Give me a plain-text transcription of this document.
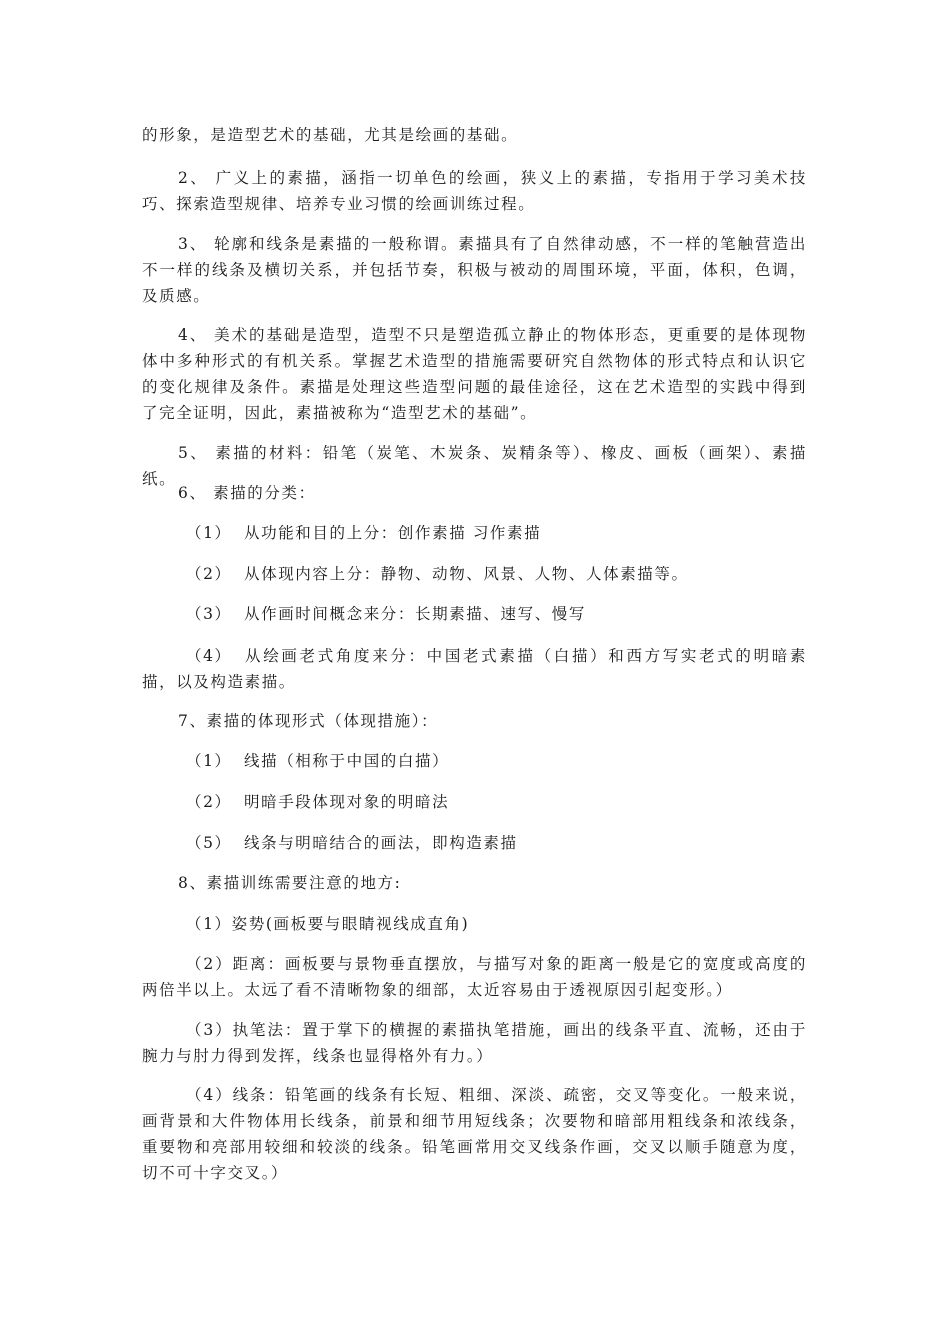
的形象，是造型艺术的基础，尤其是绘画的基础。
2、 广义上的素描，涵指一切单色的绘画，狭义上的素描，专指用于学习美术技巧、探索造型规律、培养专业习惯的绘画训练过程。
3、 轮廓和线条是素描的一般称谓。素描具有了自然律动感，不一样的笔触营造出不一样的线条及横切关系，并包括节奏，积极与被动的周围环境，平面，体积，色调，及质感。
4、 美术的基础是造型，造型不只是塑造孤立静止的物体形态，更重要的是体现物体中多种形式的有机关系。掌握艺术造型的措施需要研究自然物体的形式特点和认识它的变化规律及条件。素描是处理这些造型问题的最佳途径，这在艺术造型的实践中得到了完全证明，因此，素描被称为“造型艺术的基础”。
5、 素描的材料：铅笔（炭笔、木炭条、炭精条等）、橡皮、画板（画架）、素描纸。
6、 素描的分类：
（1） 从功能和目的上分：创作素描 习作素描
（2） 从体现内容上分：静物、动物、风景、人物、人体素描等。
（3） 从作画时间概念来分：长期素描、速写、慢写
（4） 从绘画老式角度来分：中国老式素描（白描）和西方写实老式的明暗素描，以及构造素描。
7、素描的体现形式（体现措施）：
（1） 线描（相称于中国的白描）
（2） 明暗手段体现对象的明暗法
（5） 线条与明暗结合的画法，即构造素描
8、素描训练需要注意的地方:
（1）姿势(画板要与眼睛视线成直角)
（2）距离：画板要与景物垂直摆放，与描写对象的距离一般是它的宽度或高度的两倍半以上。太远了看不清晰物象的细部，太近容易由于透视原因引起变形。）
（3）执笔法：置于掌下的横握的素描执笔措施，画出的线条平直、流畅，还由于腕力与肘力得到发挥，线条也显得格外有力。）
（4）线条：铅笔画的线条有长短、粗细、深淡、疏密，交叉等变化。一般来说，画背景和大件物体用长线条，前景和细节用短线条；次要物和暗部用粗线条和浓线条，重要物和亮部用较细和较淡的线条。铅笔画常用交叉线条作画，交叉以顺手随意为度，切不可十字交叉。）
